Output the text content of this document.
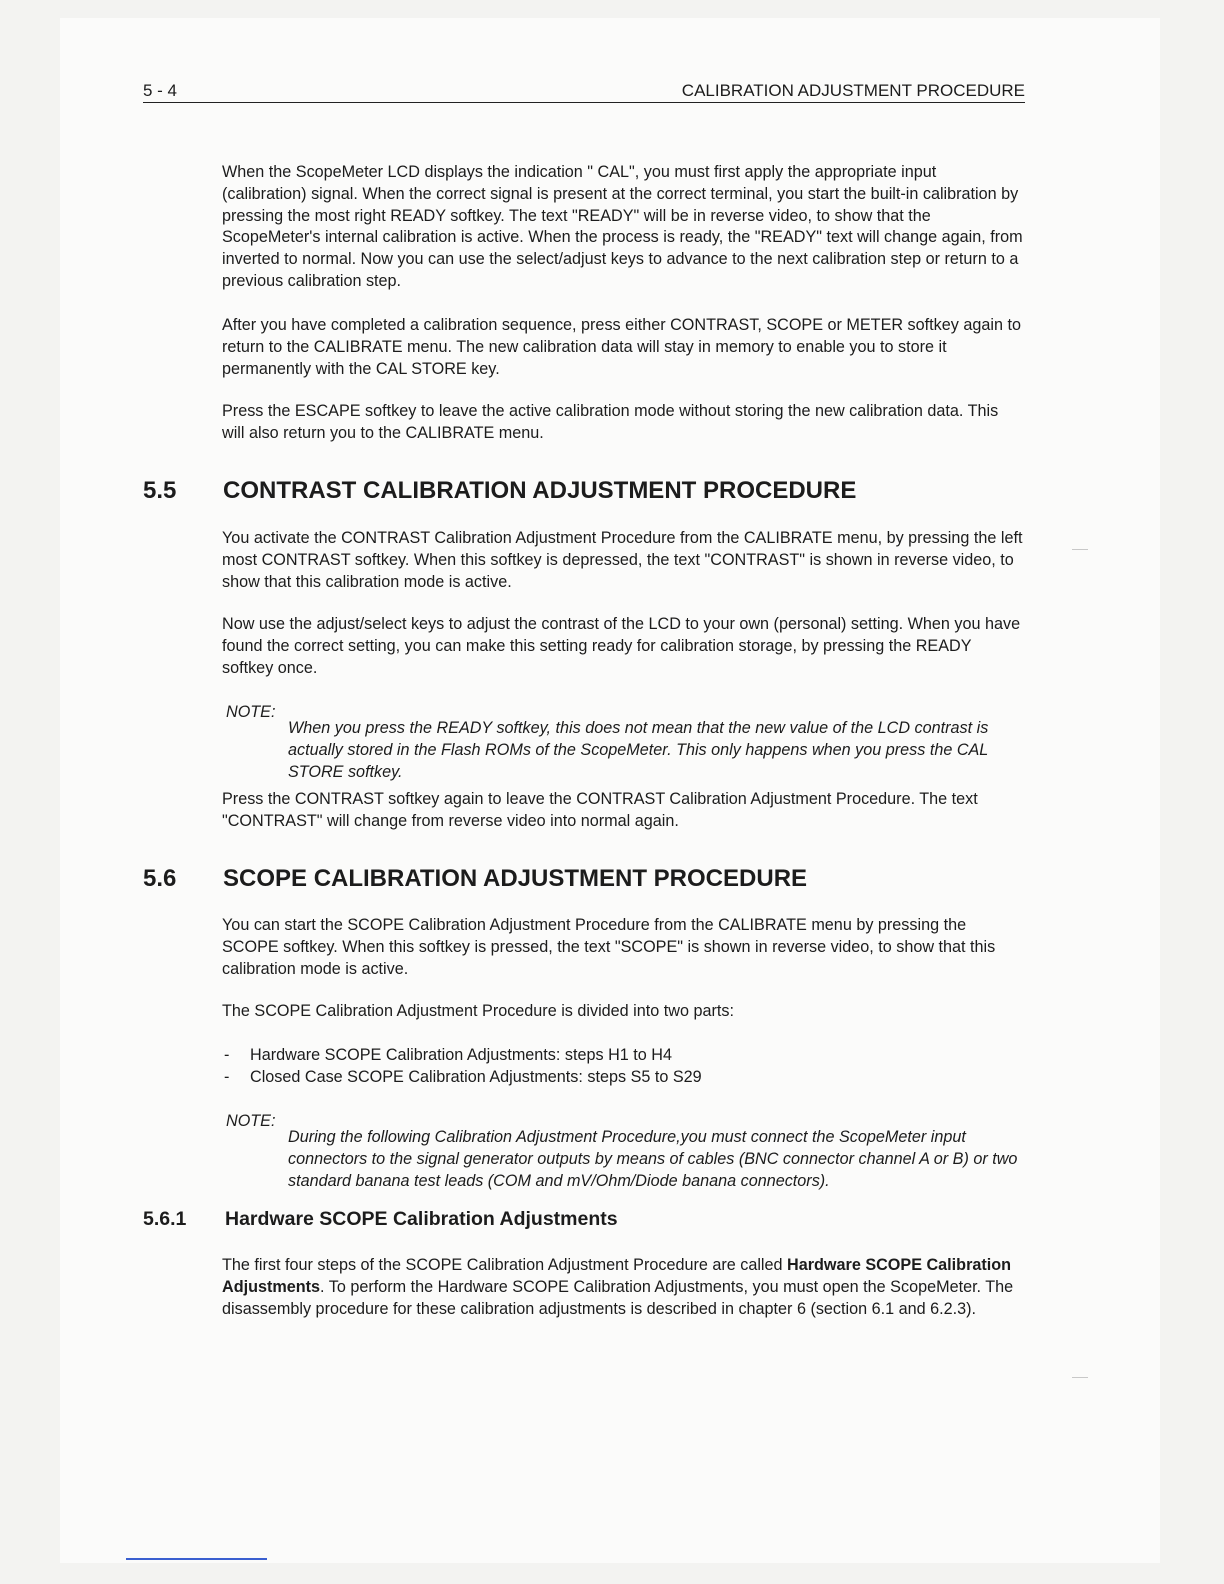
5 - 4	CALIBRATION ADJUSTMENT PROCEDURE

When the ScopeMeter LCD displays the indication " CAL", you must first apply the appropriate input (calibration) signal. When the correct signal is present at the correct terminal, you start the built-in calibration by pressing the most right READY softkey. The text "READY" will be in reverse video, to show that the ScopeMeter's internal calibration is active. When the process is ready, the "READY" text will change again, from inverted to normal. Now you can use the select/adjust keys to advance to the next calibration step or return to a previous calibration step.

After you have completed a calibration sequence, press either CONTRAST, SCOPE or METER softkey again to return to the CALIBRATE menu. The new calibration data will stay in memory to enable you to store it permanently with the CAL STORE key.

Press the ESCAPE softkey to leave the active calibration mode without storing the new calibration data. This will also return you to the CALIBRATE menu.

5.5 CONTRAST CALIBRATION ADJUSTMENT PROCEDURE

You activate the CONTRAST Calibration Adjustment Procedure from the CALIBRATE menu, by pressing the left most CONTRAST softkey. When this softkey is depressed, the text "CONTRAST" is shown in reverse video, to show that this calibration mode is active.

Now use the adjust/select keys to adjust the contrast of the LCD to your own (personal) setting. When you have found the correct setting, you can make this setting ready for calibration storage, by pressing the READY softkey once.

NOTE:

When you press the READY softkey, this does not mean that the new value of the LCD contrast is actually stored in the Flash ROMs of the ScopeMeter. This only happens when you press the CAL STORE softkey.

Press the CONTRAST softkey again to leave the CONTRAST Calibration Adjustment Procedure. The text "CONTRAST" will change from reverse video into normal again.

5.6 SCOPE CALIBRATION ADJUSTMENT PROCEDURE

You can start the SCOPE Calibration Adjustment Procedure from the CALIBRATE menu by pressing the SCOPE softkey. When this softkey is pressed, the text "SCOPE" is shown in reverse video, to show that this calibration mode is active.

The SCOPE Calibration Adjustment Procedure is divided into two parts:

- Hardware SCOPE Calibration Adjustments: steps H1 to H4
- Closed Case SCOPE Calibration Adjustments: steps S5 to S29
NOTE:

During the following Calibration Adjustment Procedure,you must connect the ScopeMeter input connectors to the signal generator outputs by means of cables (BNC connector channel A or B) or two standard banana test leads (COM and mV/Ohm/Diode banana connectors).

5.6.1 Hardware SCOPE Calibration Adjustments

The first four steps of the SCOPE Calibration Adjustment Procedure are called Hardware SCOPE Calibration Adjustments. To perform the Hardware SCOPE Calibration Adjustments, you must open the ScopeMeter. The disassembly procedure for these calibration adjustments is described in chapter 6 (section 6.1 and 6.2.3).
